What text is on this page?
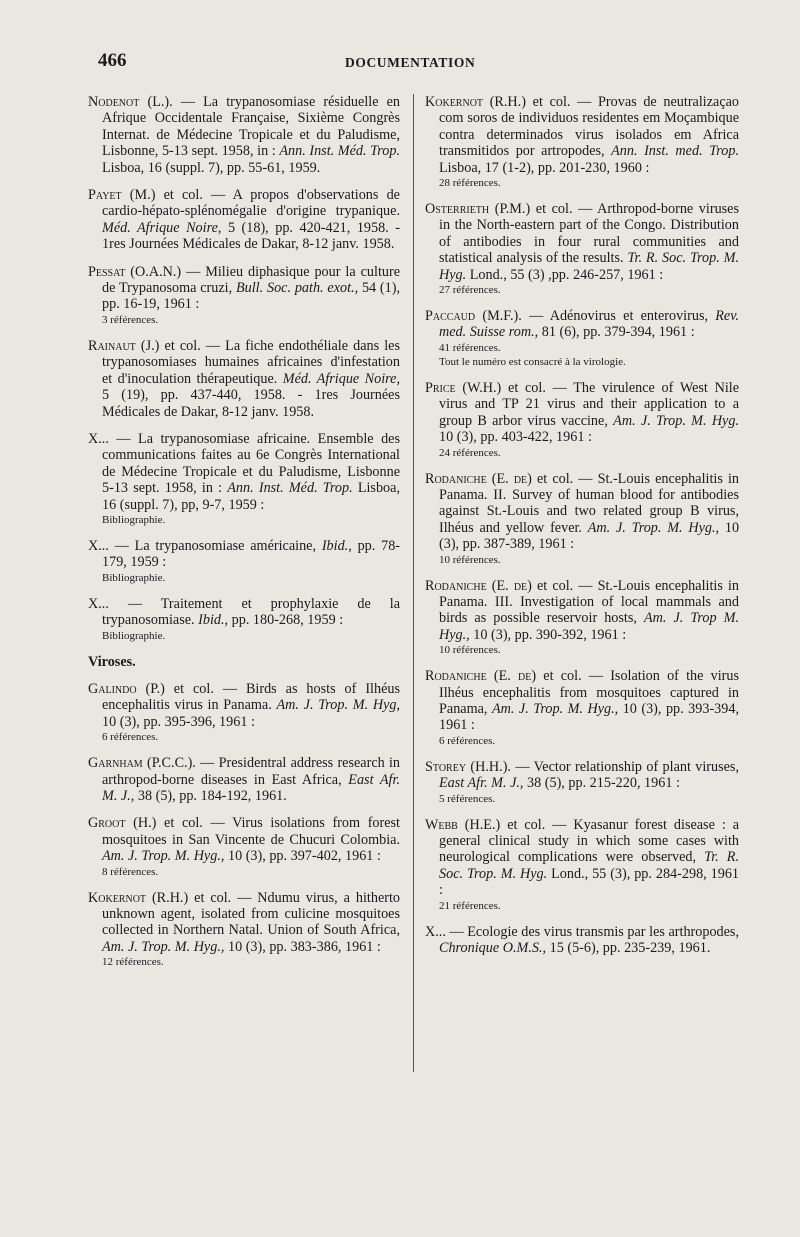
466	DOCUMENTATION
Nodenot (L.). — La trypanosomiase résiduelle en Afrique Occidentale Française, Sixième Congrès Internat. de Médecine Tropicale et du Paludisme, Lisbonne, 5-13 sept. 1958, in : Ann. Inst. Méd. Trop. Lisboa, 16 (suppl. 7), pp. 55-61, 1959.
Payet (M.) et col. — A propos d'observations de cardio-hépato-splénomégalie d'origine trypanique. Méd. Afrique Noire, 5 (18), pp. 420-421, 1958. - 1res Journées Médicales de Dakar, 8-12 janv. 1958.
Pessat (O.A.N.) — Milieu diphasique pour la culture de Trypanosoma cruzi, Bull. Soc. path. exot., 54 (1), pp. 16-19, 1961 :
3 références.
Rainaut (J.) et col. — La fiche endothéliale dans les trypanosomiases humaines africaines d'infestation et d'inoculation thérapeutique. Méd. Afrique Noire, 5 (19), pp. 437-440, 1958. - 1res Journées Médicales de Dakar, 8-12 janv. 1958.
X... — La trypanosomiase africaine. Ensemble des communications faites au 6e Congrès International de Médecine Tropicale et du Paludisme, Lisbonne 5-13 sept. 1958, in : Ann. Inst. Méd. Trop. Lisboa, 16 (suppl. 7), pp, 9-7, 1959 :
Bibliographie.
X... — La trypanosomiase américaine, Ibid., pp. 78-179, 1959 :
Bibliographie.
X... — Traitement et prophylaxie de la trypanosomiase. Ibid., pp. 180-268, 1959 :
Bibliographie.
Viroses.
Galindo (P.) et col. — Birds as hosts of Ilhéus encephalitis virus in Panama. Am. J. Trop. M. Hyg, 10 (3), pp. 395-396, 1961 :
6 références.
Garnham (P.C.C.). — Presidentral address research in arthropod-borne diseases in East Africa, East Afr. M. J., 38 (5), pp. 184-192, 1961.
Groot (H.) et col. — Virus isolations from forest mosquitoes in San Vincente de Chucuri Colombia. Am. J. Trop. M. Hyg., 10 (3), pp. 397-402, 1961 :
8 références.
Kokernot (R.H.) et col. — Ndumu virus, a hitherto unknown agent, isolated from culicine mosquitoes collected in Northern Natal. Union of South Africa, Am. J. Trop. M. Hyg., 10 (3), pp. 383-386, 1961 :
12 références.
Kokernot (R.H.) et col. — Provas de neutralizaçao com soros de individuos residentes em Moçambique contra determinados virus isolados em Africa transmitidos por artropodes, Ann. Inst. med. Trop. Lisboa, 17 (1-2), pp. 201-230, 1960 :
28 références.
Osterrieth (P.M.) et col. — Arthropod-borne viruses in the North-eastern part of the Congo. Distribution of antibodies in four rural communities and statistical analysis of the results. Tr. R. Soc. Trop. M. Hyg. Lond., 55 (3) ,pp. 246-257, 1961 :
27 références.
Paccaud (M.F.). — Adénovirus et enterovirus, Rev. med. Suisse rom., 81 (6), pp. 379-394, 1961 :
41 références.
Tout le numéro est consacré à la virologie.
Price (W.H.) et col. — The virulence of West Nile virus and TP 21 virus and their application to a group B arbor virus vaccine, Am. J. Trop. M. Hyg. 10 (3), pp. 403-422, 1961 :
24 références.
Rodaniche (E. de) et col. — St.-Louis encephalitis in Panama. II. Survey of human blood for antibodies against St.-Louis and two related group B virus, Ilhéus and yellow fever. Am. J. Trop. M. Hyg., 10 (3), pp. 387-389, 1961 :
10 références.
Rodaniche (E. de) et col. — St.-Louis encephalitis in Panama. III. Investigation of local mammals and birds as possible reservoir hosts, Am. J. Trop M. Hyg., 10 (3), pp. 390-392, 1961 :
10 références.
Rodaniche (E. de) et col. — Isolation of the virus Ilhéus encephalitis from mosquitoes captured in Panama, Am. J. Trop. M. Hyg., 10 (3), pp. 393-394, 1961 :
6 références.
Storey (H.H.). — Vector relationship of plant viruses, East Afr. M. J., 38 (5), pp. 215-220, 1961 :
5 références.
Webb (H.E.) et col. — Kyasanur forest disease : a general clinical study in which some cases with neurological complications were observed, Tr. R. Soc. Trop. M. Hyg. Lond., 55 (3), pp. 284-298, 1961 :
21 références.
X... — Ecologie des virus transmis par les arthropodes, Chronique O.M.S., 15 (5-6), pp. 235-239, 1961.
